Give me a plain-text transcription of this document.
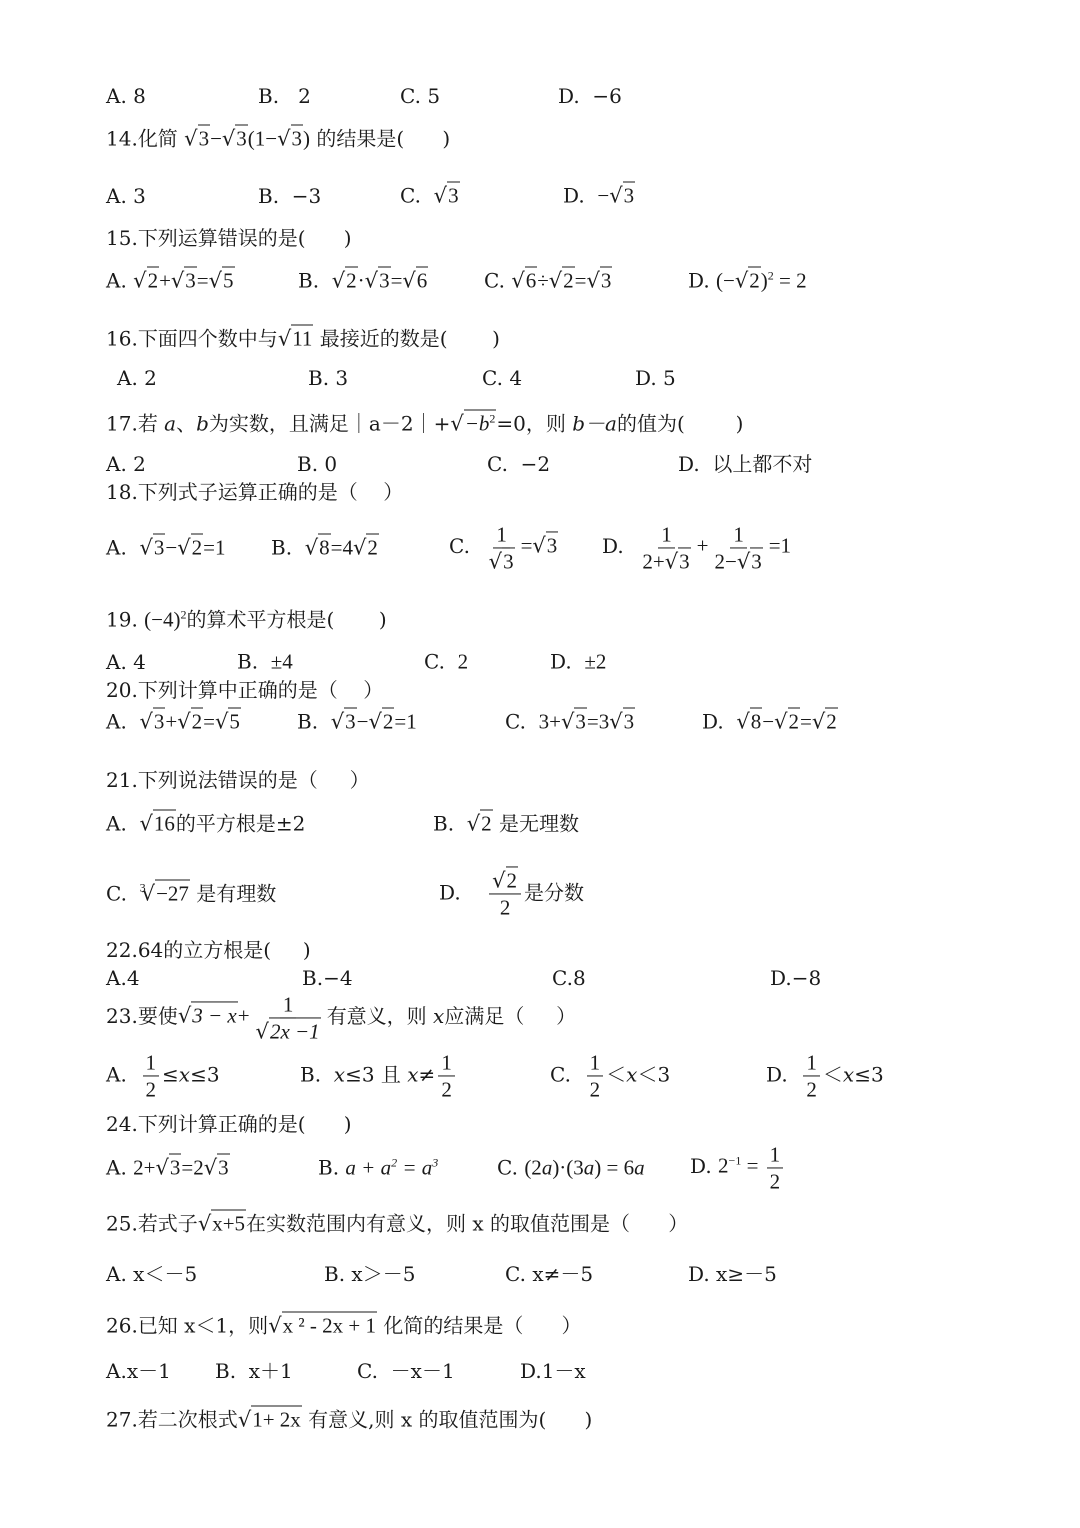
A. 8	B. 2	C. 5	D. −6
14.化简 √ 3− √ 3(1− √ 3) 的结果是( )
A. 3	B. −3	C. √ 3	D. − √ 3
15.下列运算错误的是( )
A. √ 2+ √ 3= √ 5	B. √ 2· √ 3= √ 6	C. √ 6÷ √ 2= √ 3	D. (− √ 2)$^2$ = 2
16.下面四个数中与 √ 11 最接近的数是( )
A. 2	B. 3	C. 4	D. 5
17.若 a、b为实数，且满足｜a－2｜+ √ $-b^2=0$，则 b－a的值为(	)
A. 2	B. 0	C. −2	D. 以上都不对
18.下列式子运算正确的是（ ）
A. √ 3− √ 2=1 B. √ 8=4 √ 2	C. 1
√ 3 = √ 3 D. $\frac{1}{2+ √ 3} + \frac{1}{2- √ 3} =1$
19. $(-4)^2$的算术平方根是( )
A. 4	B. ±4	C. 2	D. ±2
20.下列计算中正确的是（ ）
A. √ 3+ √ 2= √ 5	B. √ 3− √ 2=1	C. 3+ √ 3=3 √ 3	D. √ 8− √ 2= √ 2
21.下列说法错误的是（ ）
A. √ 16的平方根是±2	B. √ 2 是无理数
C. $^3$ √ −27 是有理数	D. √ $\frac{2}{2}$ 是分数
22.64的立方根是( )
A.4	B.−4	C.8	D.−8
23.要使 √ 3 − x+ 1
√ 2x −1 有意义，则 x应满足（ ）
A. $\frac{1}{2} \le x\le 3$	B. x≤3 且 $x\ne \frac{1}{2}$	C. $\frac{1}{2} <x<3$	D. $\frac{1}{2} <x\le 3$
24.下列计算正确的是( )
A. 2+ √ 3=2 √ 3	B. $a + a^2 = a^3$	C. (2a)·(3a) = 6a D. $2^{-1} = \frac{1}{2}$
25.若式子 √ x+5在实数范围内有意义，则 x 的取值范围是（ ）
A. x＜－5	B. x＞－5	C. x≠－5	D. x≥－5
26.已知 x＜1，则 √ x ² - 2x + 1 化简的结果是（ ）
A.x－1 B. x＋1	C. －x－1	D.1－x
27.若二次根式 √ 1+ 2x 有意义,则 x 的取值范围为( )
